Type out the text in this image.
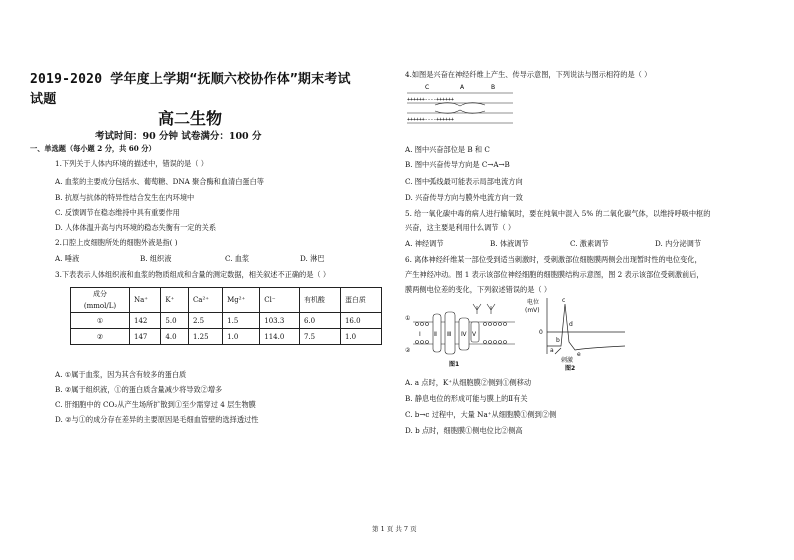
2019-2020 学年度上学期“抚顺六校协作体”期末考试
试题
高二生物
考试时间：90 分钟 试卷满分：100 分
一、单选题（每小题 2 分，共 60 分）
1.下列关于人体内环境的描述中，错误的是（ ）
A. 血浆的主要成分包括水、葡萄糖、DNA 聚合酶和血清白蛋白等
B. 抗原与抗体的特异性结合发生在内环境中
C. 反馈调节在稳态维持中具有重要作用
D. 人体体温升高与内环境的稳态失衡有一定的关系
2.口腔上皮细胞所处的细胞外液是指( )
A. 唾液	B. 组织液	C. 血浆	D. 淋巴
3.下表表示人体组织液和血浆的物质组成和含量的测定数据，相关叙述不正确的是（ ）
成分
(mmol/L)	Na⁺	K⁺	Ca²⁺	Mg²⁺	Cl⁻	有机酸	蛋白质

①	142	5.0	2.5	1.5	103.3	6.0	16.0
②	147	4.0	1.25	1.0	114.0	7.5	1.0
A. ①属于血浆，因为其含有较多的蛋白质
B. ②属于组织液，①的蛋白质含量减少将导致②增多
C. 肝细胞中的 CO₂从产生场所扩散到①至少需穿过 4 层生物膜
D. ②与①的成分存在差异的主要原因是毛细血管壁的选择透过性
4.如图是兴奋在神经纤维上产生、传导示意图，下列说法与图示相符的是（ ）
C	A	B
++++++----++++++
++++++----++++++
A. 图中兴奋部位是 B 和 C
B. 图中兴奋传导方向是 C→A→B
C. 图中弧线最可能表示局部电流方向
D. 兴奋传导方向与膜外电流方向一致
5. 给一氧化碳中毒的病人进行输氧时，要在纯氧中混入 5% 的二氧化碳气体，以维持呼吸中枢的
兴奋，这主要是利用什么调节（ ）
A. 神经调节	B. 体液调节	C. 激素调节	D. 内分泌调节
6. 离体神经纤维某一部位受到适当刺激时，受刺激部位细胞膜两侧会出现暂时性的电位变化，
产生神经冲动。图 1 表示该部位神经细胞的细胞膜结构示意图，图 2 表示该部位受刺激前后，
膜两侧电位差的变化，下列叙述错误的是（ ）
①
②
Ⅰ Ⅱ Ⅲ Ⅳ Ⅴ
图1
电位
(mV)
0
a
b
c
d
e
刺激
图2
A. a 点时，K⁺从细胞膜②侧到①侧移动
B. 静息电位的形成可能与膜上的Ⅱ有关
C. b→c 过程中，大量 Na⁺从细胞膜①侧到②侧
D. b 点时，细胞膜①侧电位比②侧高
第 1 页 共 7 页
